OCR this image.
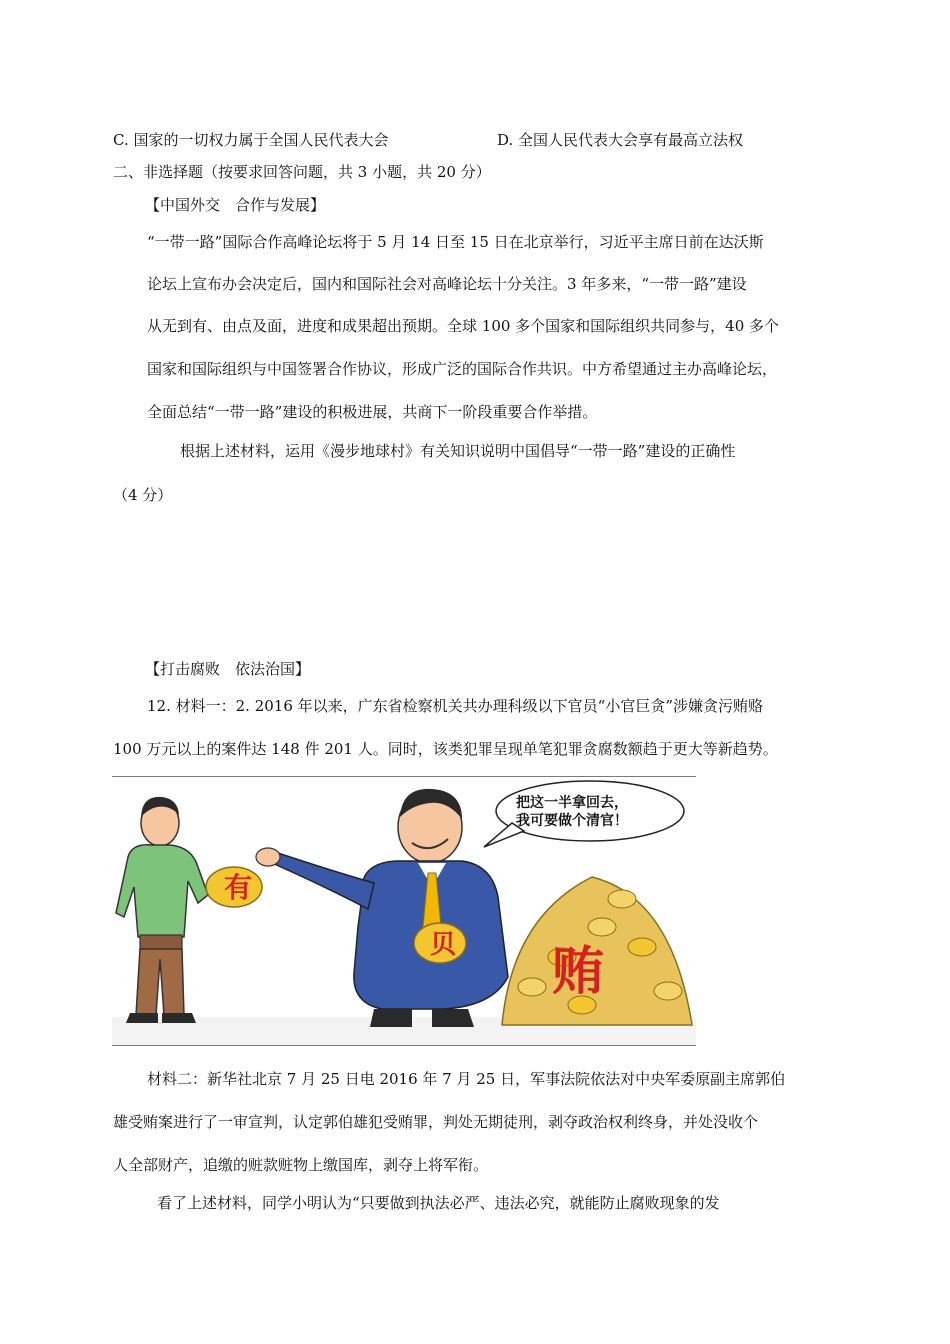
C. 国家的一切权力属于全国人民代表大会	D. 全国人民代表大会享有最高立法权
二、非选择题（按要求回答问题，共 3 小题，共 20 分）
【中国外交　合作与发展】
“一带一路”国际合作高峰论坛将于 5 月 14 日至 15 日在北京举行，习近平主席日前在达沃斯
论坛上宣布办会决定后，国内和国际社会对高峰论坛十分关注。3 年多来，“一带一路”建设
从无到有、由点及面，进度和成果超出预期。全球 100 多个国家和国际组织共同参与，40 多个
国家和国际组织与中国签署合作协议，形成广泛的国际合作共识。中方希望通过主办高峰论坛，
全面总结“一带一路”建设的积极进展，共商下一阶段重要合作举措。
根据上述材料，运用《漫步地球村》有关知识说明中国倡导“一带一路”建设的正确性
（4 分）
【打击腐败　依法治国】
12. 材料一：2. 2016 年以来，广东省检察机关共办理科级以下官员“小官巨贪”涉嫌贪污贿赂
100 万元以上的案件达 148 件 201 人。同时，该类犯罪呈现单笔犯罪贪腐数额趋于更大等新趋势。
有
贝 贿
把这一半拿回去，
我可要做个清官！
材料二：新华社北京 7 月 25 日电 2016 年 7 月 25 日，军事法院依法对中央军委原副主席郭伯
雄受贿案进行了一审宣判，认定郭伯雄犯受贿罪，判处无期徒刑，剥夺政治权利终身，并处没收个
人全部财产，追缴的赃款赃物上缴国库，剥夺上将军衔。
看了上述材料，同学小明认为“只要做到执法必严、违法必究，就能防止腐败现象的发
